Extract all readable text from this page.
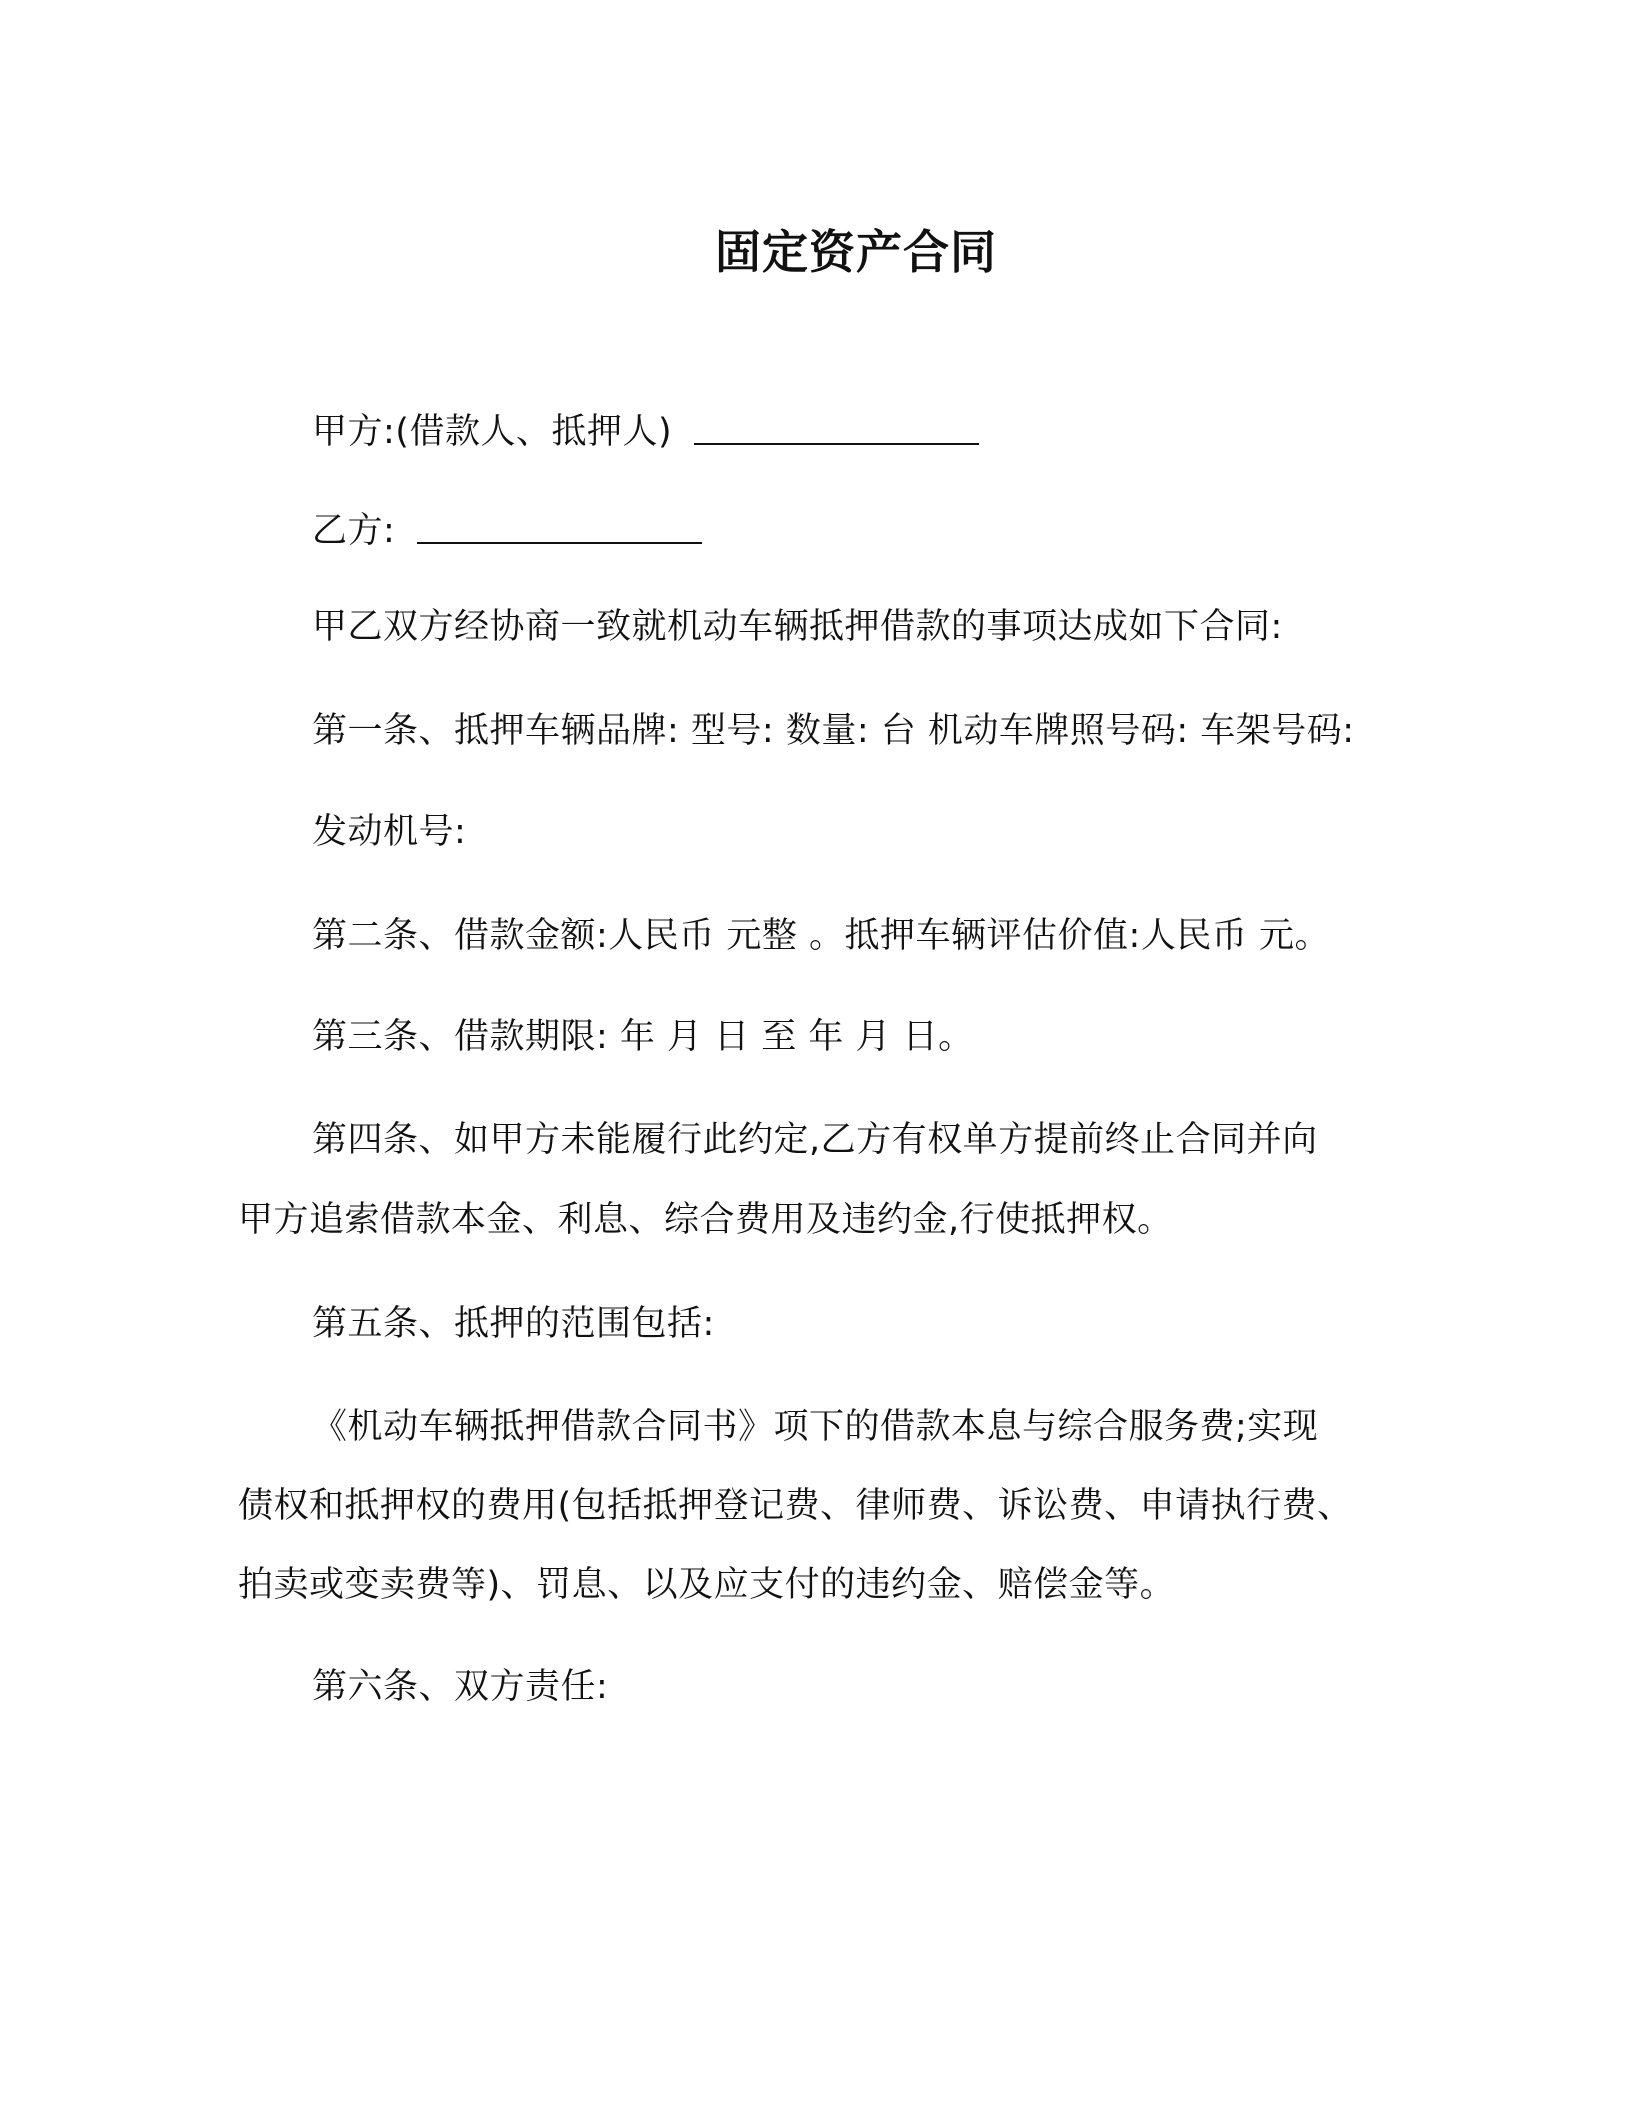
固定资产合同
甲方:(借款人、抵押人)
乙方:
甲乙双方经协商一致就机动车辆抵押借款的事项达成如下合同:
第一条、抵押车辆品牌: 型号: 数量: 台 机动车牌照号码: 车架号码:
发动机号:
第二条、借款金额:人民币 元整 。抵押车辆评估价值:人民币 元。
第三条、借款期限: 年 月 日 至 年 月 日。
第四条、如甲方未能履行此约定,乙方有权单方提前终止合同并向
甲方追索借款本金、利息、综合费用及违约金,行使抵押权。
第五条、抵押的范围包括:
《机动车辆抵押借款合同书》项下的借款本息与综合服务费;实现
债权和抵押权的费用(包括抵押登记费、律师费、诉讼费、申请执行费、
拍卖或变卖费等)、罚息、以及应支付的违约金、赔偿金等。
第六条、双方责任:
